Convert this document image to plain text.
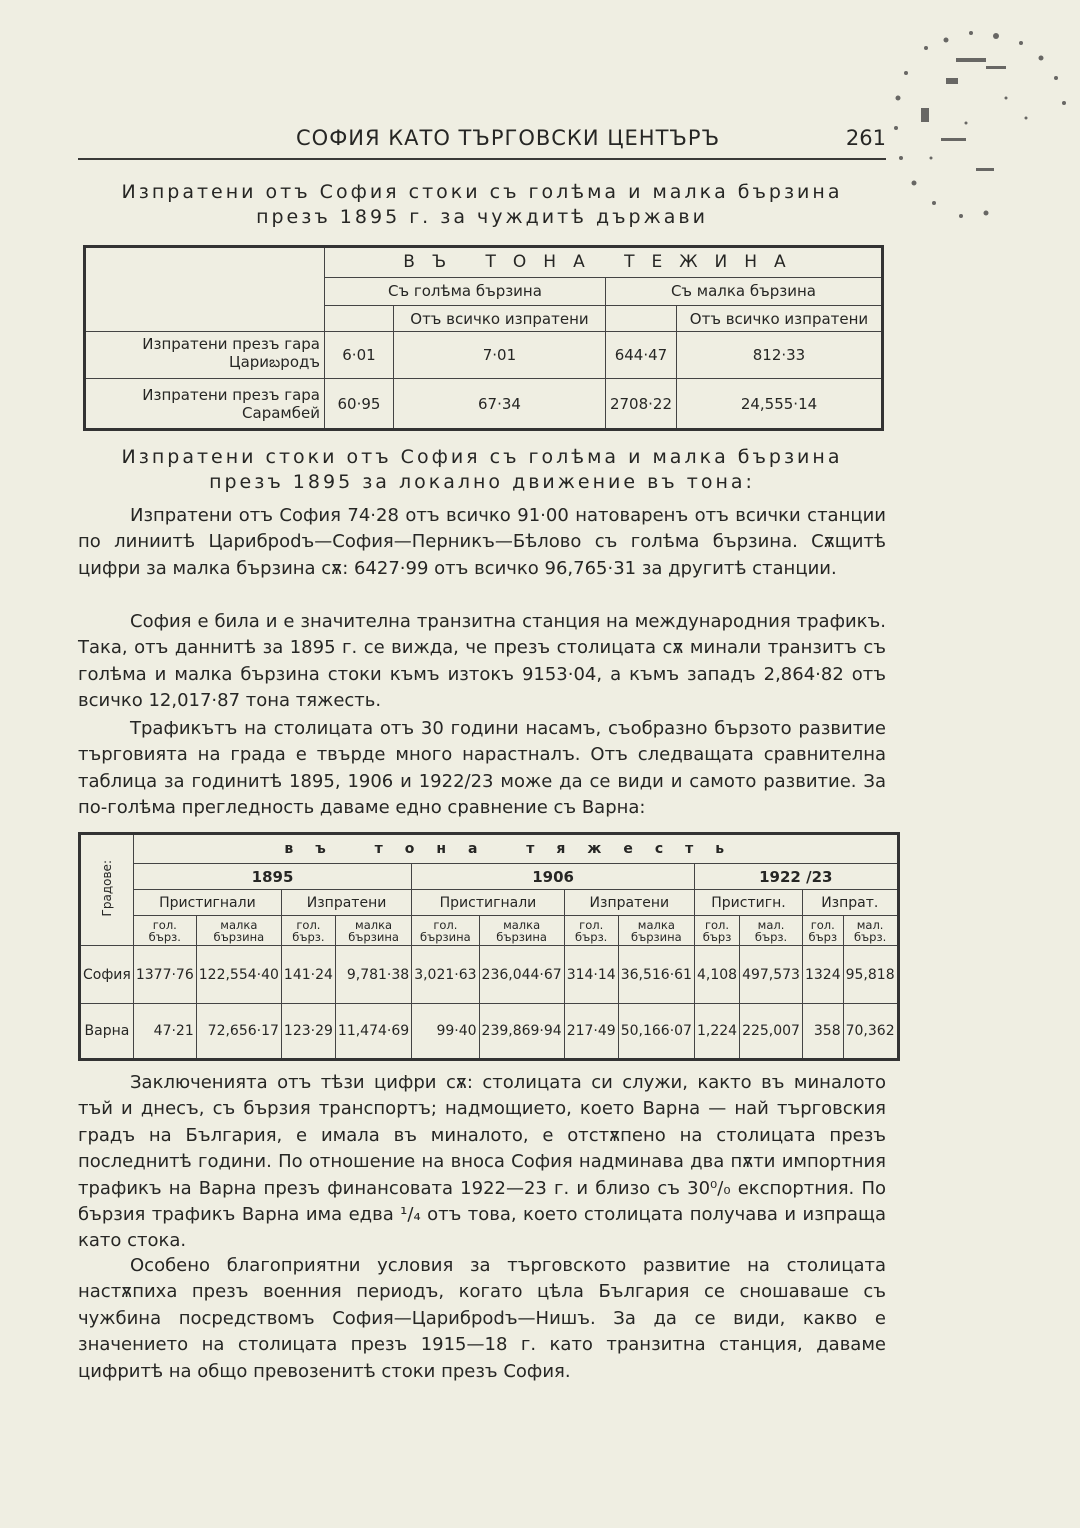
СОФИЯ КАТО ТЪРГОВСКИ ЦЕНТЪРЪ	261
Изпратени отъ София стоки съ голѣма и малка бързина
презъ 1895 г. за чуждитѣ държави
	ВЪ ТОНА ТЕЖИНА			
	Съ голѣма бързина		Съ малка бързина	
		Отъ всичко изпратени		Отъ всичко изпратени

Изпратени презъ гара
Цариబродъ	6·01	7·01	644·47	812·33

Изпратени презъ гара
Сарамбей	60·95	67·34	2708·22	24,555·14
Изпратени стоки отъ София съ голѣма и малка бързина
презъ 1895 за локално движение въ тона:

Изпратени отъ София 74·28 отъ всичко 91·00 натоваренъ отъ всички станции по линиитѣ Цариброdъ—София—Перникъ—Бѣлово съ голѣма бързина. Сѫщитѣ цифри за малка бързина сѫ: 6427·99 отъ всичко 96,765·31 за другитѣ станции.

София е била и е значителна транзитна станция на международния трафикъ. Така, отъ даннитѣ за 1895 г. се вижда, че презъ столицата сѫ минали транзитъ съ голѣма и малка бързина стоки къмъ изтокъ 9153·04, а къмъ западъ 2,864·82 отъ всичко 12,017·87 тона тяжесть.

Трафикътъ на столицата отъ 30 години насамъ, съобразно бързото развитие търговията на града е твърде много нарастналъ. Отъ следващата сравнителна таблица за годинитѣ 1895, 1906 и 1922/23 може да се види и самото развитие. За по-голѣма прегледность даваме едно сравнение съ Варна:

Градове:	въ тона тяжесть											
	1895				1906				1922 /23			
	Пристигнали		Изпратени		Пристигнали		Изпратени		Пристигн.		Изпрат.	
	гол. бърз.	малка бързина	гол. бърз.	малка бързина	гол. бързина	малка бързина	гол. бърз.	малка бързина	гол. бърз	мал. бърз.	гол. бърз	мал. бърз.
София	1377·76	122,554·40	141·24	9,781·38	3,021·63	236,044·67	314·14	36,516·61	4,108	497,573	1324	95,818
Варна	47·21	72,656·17	123·29	11,474·69	99·40	239,869·94	217·49	50,166·07	1,224	225,007	358	70,362

Заключенията отъ тѣзи цифри сѫ: столицата си служи, както въ миналото тъй и днесъ, съ бързия транспортъ; надмощието, което Варна — най търговския градъ на България, е имала въ миналото, е отстѫпено на столицата презъ последнитѣ години. По отношение на вноса София надминава два пѫти импортния трафикъ на Варна презъ финансовата 1922—23 г. и близо съ 30⁰/₀ експортния. По бързия трафикъ Варна има едва ¹/₄ отъ това, което столицата получава и изпраща като стока.

Особено благоприятни условия за търговското развитие на столицата настѫпиха презъ военния периодъ, когато цѣла България се сношаваше съ чужбина посредствомъ София—Цариброdъ—Нишъ. За да се види, какво е значението на столицата презъ 1915—18 г. като транзитна станция, даваме цифритѣ на общо превозенитѣ стоки презъ София.
